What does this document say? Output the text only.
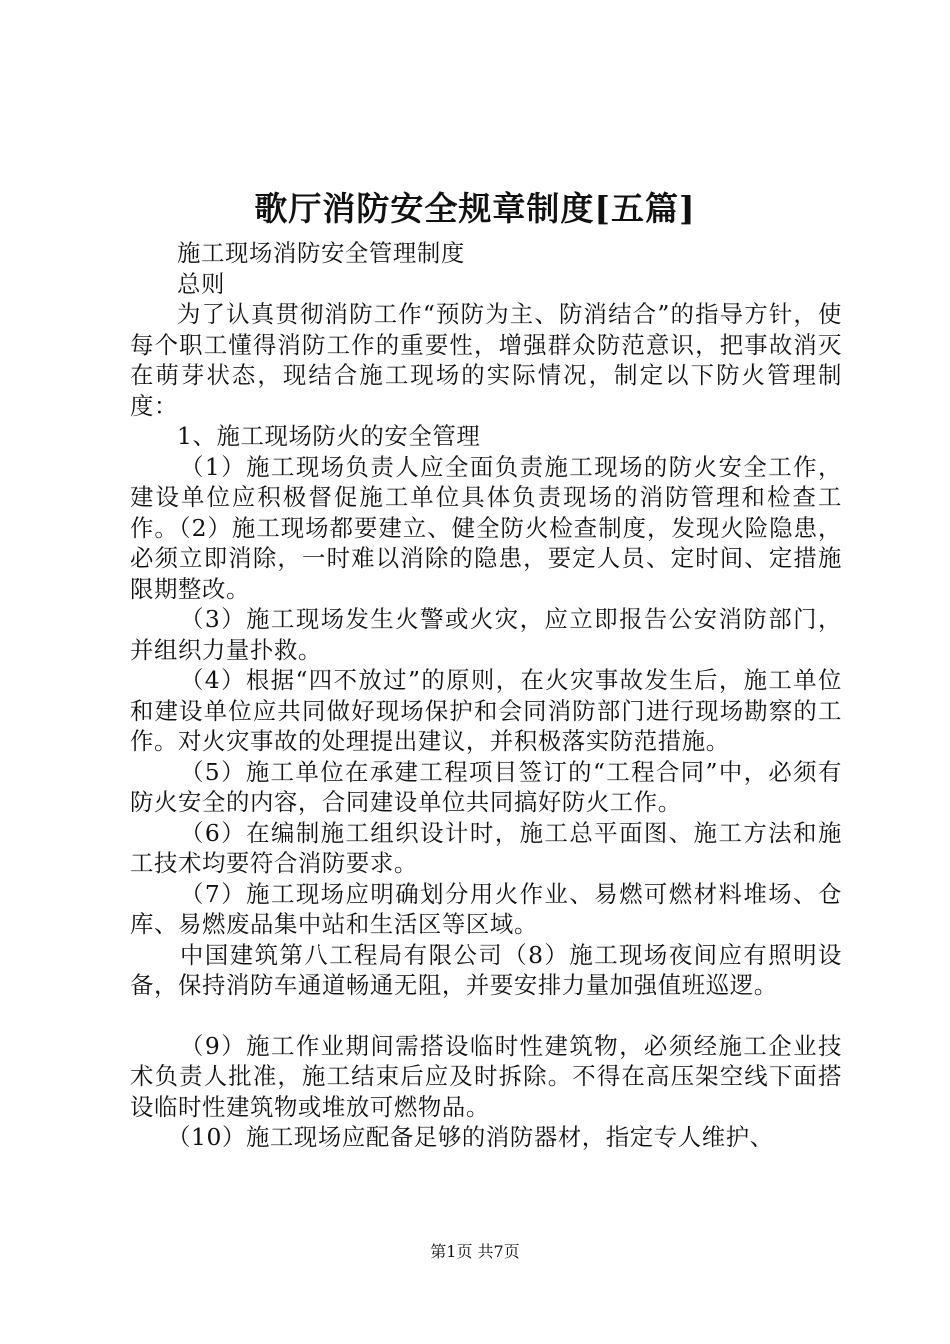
歌厅消防安全规章制度[五篇]

施工现场消防安全管理制度

总则

为了认真贯彻消防工作“预防为主、防消结合”的指导方针，使每个职工懂得消防工作的重要性，增强群众防范意识，把事故消灭在萌芽状态，现结合施工现场的实际情况，制定以下防火管理制度：

1、施工现场防火的安全管理

（1）施工现场负责人应全面负责施工现场的防火安全工作，建设单位应积极督促施工单位具体负责现场的消防管理和检查工作。（2）施工现场都要建立、健全防火检查制度，发现火险隐患，必须立即消除，一时难以消除的隐患，要定人员、定时间、定措施限期整改。

（3）施工现场发生火警或火灾，应立即报告公安消防部门，并组织力量扑救。

（4）根据“四不放过”的原则，在火灾事故发生后，施工单位和建设单位应共同做好现场保护和会同消防部门进行现场勘察的工作。对火灾事故的处理提出建议，并积极落实防范措施。

（5）施工单位在承建工程项目签订的“工程合同”中，必须有防火安全的内容，合同建设单位共同搞好防火工作。

（6）在编制施工组织设计时，施工总平面图、施工方法和施工技术均要符合消防要求。

（7）施工现场应明确划分用火作业、易燃可燃材料堆场、仓库、易燃废品集中站和生活区等区域。

中国建筑第八工程局有限公司（8）施工现场夜间应有照明设备，保持消防车通道畅通无阻，并要安排力量加强值班巡逻。

（9）施工作业期间需搭设临时性建筑物，必须经施工企业技术负责人批准，施工结束后应及时拆除。不得在高压架空线下面搭设临时性建筑物或堆放可燃物品。

（10）施工现场应配备足够的消防器材，指定专人维护、

第1页 共7页
